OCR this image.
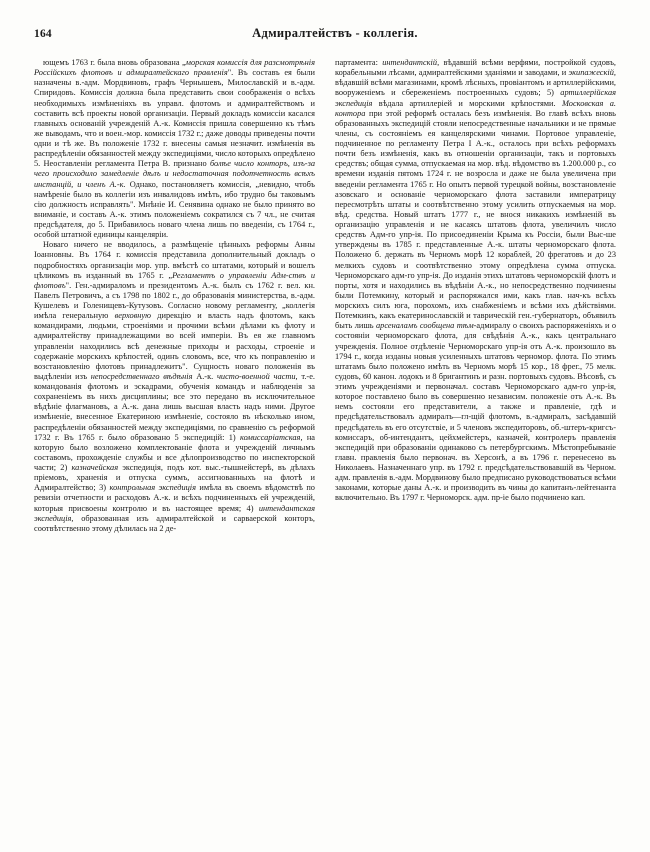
164	Адмиралтействъ - коллегія.

ющемъ 1763 г. была вновь образована „морская комиссія для разсмотрѣнія Россійскихъ флотовъ и адмиралтейскаго правленія". Въ составъ ея были назначены в.-адм. Мордвиновъ, графъ Чернышевъ, Милославскій и в.-адм. Спиридовъ. Комиссія должна была представить свои соображенія о всѣхъ необходимыхъ измѣненіяхъ въ управл. флотомъ и адмиралтействомъ и составить всѣ проекты новой организаціи. Первый докладъ комиссіи касался главныхъ основаній учрежденій А.-к. Комиссія пришла совершенно къ тѣмъ же выводамъ, что и воен.-мор. комиссія 1732 г.; даже доводы приведены почти одни и тѣ же. Въ положеніе 1732 г. внесены самыя незначит. измѣненія въ распредѣленіи обязанностей между экспедиціями, число которыхъ опредѣлено 5. Неоставленіи регламента Петра В. признано болѣе число конторъ, изъ-за чего происходило замедленіе дѣлъ и недостаточная подотчетность всѣхъ инстанцій, и членъ А.-к. Однако, постановляетъ комиссія, „невидно, чтобъ намѣреніе было въ коллегіи изъ инвалидовъ имѣть, ибо трудно бы таковымъ сію должность исправлять". Мнѣніе И. Сенявина однако не было принято во вниманіе, и составъ А.-к. этимъ положеніемъ сократился съ 7 чл., не считая предсѣдателя, до 5. Прибавилось новаго члена лишь по введеніи, съ 1764 г., особой штатной единицы канцеляріи.

Новаго ничего не вводилось, а размѣщеніе цѣнныхъ реформы Анны Іоанновны. Въ 1764 г. комиссія представила дополнительный докладъ о подробностяхъ организаціи мор. упр. вмѣстѣ со штатами, который и вошелъ цѣликомъ въ изданный въ 1765 г. „Регламентъ о управленіи Адм-ствъ и флотовъ". Ген.-адмираломъ и президентомъ А.-к. былъ съ 1762 г. вел. кн. Павелъ Петровичъ, а съ 1798 по 1802 г., до образованія министерства, в.-адм. Кушелевъ и Голенищевъ-Кутузовъ. Согласно новому регламенту, „коллегія имѣла генеральную верховную дирекцію и власть надъ флотомъ, какъ командирами, людьми, строеніями и прочими всѣми дѣлами къ флоту и адмиралтейству принадлежащими во всей имперіи. Въ ея же главномъ управленіи находились всѣ денежные приходы и расходы, строеніе и содержаніе морскихъ крѣпостей, одинъ словомъ, все, что къ поправленію и возстановленію флотовъ принадлежитъ". Сущность новаго положенія въ выдѣленіи изъ непосредственнаго вѣдѣнія А.-к. чисто-военной части, т.-е. командованія флотомъ и эскадрами, обученія командъ и наблюденія за сохраненіемъ въ нихъ дисциплины; все это передано въ исключительное вѣдѣніе флагмановъ, а А.-к. дана лишь высшая власть надъ ними. Другое измѣненіе, внесенное Екатериною измѣненіе, состояло въ нѣсколько ином, распредѣленіи обязанностей между экспедиціями, по сравненію съ реформой 1732 г. Въ 1765 г. было образовано 5 экспедицій: 1) комиссаріатская, на которую было возложено комплектованіе флота и учрежденій личнымъ составомъ, прохожденіе службы и все дѣлопроизводство по инспекторской части; 2) казначейская экспедиція, подъ кот. выс.-тышнейстерѣ, въ дѣлахъ пріемовъ, храненія и отпуска суммъ, ассигнованныхъ на флотѣ и Адмиралтейство; 3) контрольная экспедиція имѣла въ своемъ вѣдомствѣ по ревизіи отчетности и расходовъ А.-к. и всѣхъ подчиненныхъ ей учрежденій, которыя присвоены контролю и въ настоящее время; 4) интендантская экспедиція, образованная изъ адмиралтейской и сарваерской конторъ, соотвѣтственно этому дѣлилась на 2 де-

партамента: интендантскій, вѣдавшій всѣми верфями, постройкой судовъ, корабельными лѣсами, адмиралтейскими зданіями и заводами, и экипажескій, вѣдавшій всѣми магазинами, кромѣ лѣсныхъ, провіантомъ и артиллерійскими, вооруженіемъ и сбереженіемъ построенныхъ судовъ; 5) артиллерійская экспедиція вѣдала артиллеріей и морскими крѣпостями. Московская а. контора при этой реформѣ осталась безъ измѣненія. Во главѣ всѣхъ вновь образованныхъ экспедицій стояли непосредственные начальники и не прямые члены, съ состояніемъ ея канцелярскими чинами. Портовое управленіе, подчиненное по регламенту Петра I А.-к., осталось при всѣхъ реформахъ почти безъ измѣненія, какъ въ отношеніи организаціи, такъ и портовыхъ средствъ; общая сумма, отпускаемая на мор. вѣд. вѣдомство въ 1.200.000 р., со времени изданія пятомъ 1724 г. не возросла и даже не была увеличена при введеніи регламента 1765 г. Но опытъ первой турецкой войны, возстановленіе азовскаго и основаніе черноморскаго флота заставили императрицу пересмотрѣть штаты и соотвѣтственно этому усилить отпускаемыя на мор. вѣд. средства. Новый штатъ 1777 г., не внося никакихъ измѣненій въ организацію управленія и не касаясь штатовъ флота, увеличилъ число средствъ Адм-го упр-ія. По присоединеніи Крыма къ Россіи, были Выс-ше утверждены въ 1785 г. представленные А.-к. штаты черноморскаго флота. Положено б. держать въ Черномъ морѣ 12 кораблей, 20 фрегатовъ и до 23 мелкихъ судовъ и соотвѣтственно этому опредѣлена сумма отпуска. Черноморскаго адм-го упр-ія. До изданія этихъ штатовъ черноморскій флотъ и порты, хотя и находились въ вѣдѣніи А.-к., но непосредственно подчинены были Потемкину, который и распоряжался ими, какъ глав. нач-къ всѣхъ морскихъ силъ юга, порохомъ, ихъ снабженіемъ и всѣми ихъ дѣйствіями. Потемкинъ, какъ екатеринославскій и таврическій ген.-губернаторъ, объявилъ быть лишь арсеналамъ сообщена тѣм-адмиралу о своихъ распоряженіяхъ и о состояніи черноморскаго флота, для свѣдѣнія А.-к., какъ центральнаго учрежденія. Полное отдѣленіе Черноморскаго упр-ія отъ А.-к. произошло въ 1794 г., когда изданы новыя усиленныхъ штатовъ черномор. флота. По этимъ штатамъ было положено имѣть въ Черномъ морѣ 15 кор., 18 фрег., 75 мелк. судовъ, 60 канон. лодокъ и 8 бригантинъ и разн. портовыхъ судовъ. Вѣсовѣ, съ этимъ учрежденіями и первоначал. составъ Черноморскаго адм-го упр-ія, которое поставлено было въ совершенно независим. положеніе отъ А.-к. Въ немъ состояли его представители, а также и правленіе, гдѣ и предсѣдательствовалъ адмиралъ—гл-щій флотомъ, в.-адмиралъ, засѣдавшій предсѣдатель въ его отсутствіе, и 5 членовъ экспедиторовъ, об.-штеръ-кригсъ-комиссаръ, об-интендантъ, цейхмейстеръ, казначей, контролеръ правленія экспедицій при образованіи одинаково съ петербургскимъ. Мѣстопребываніе главн. правленія было первонач. въ Херсонѣ, а въ 1796 г. перенесено въ Николаевъ. Назначеннаго упр. въ 1792 г. предсѣдательствовавшій въ Черном. адм. правленія в.-адм. Мордвинову было предписано руководствоваться всѣми законами, которые даны А.-к. и производить въ чины до капитанъ-лейтенанта включительно. Въ 1797 г. Черноморск. адм. пр-іе было подчинено кап.
